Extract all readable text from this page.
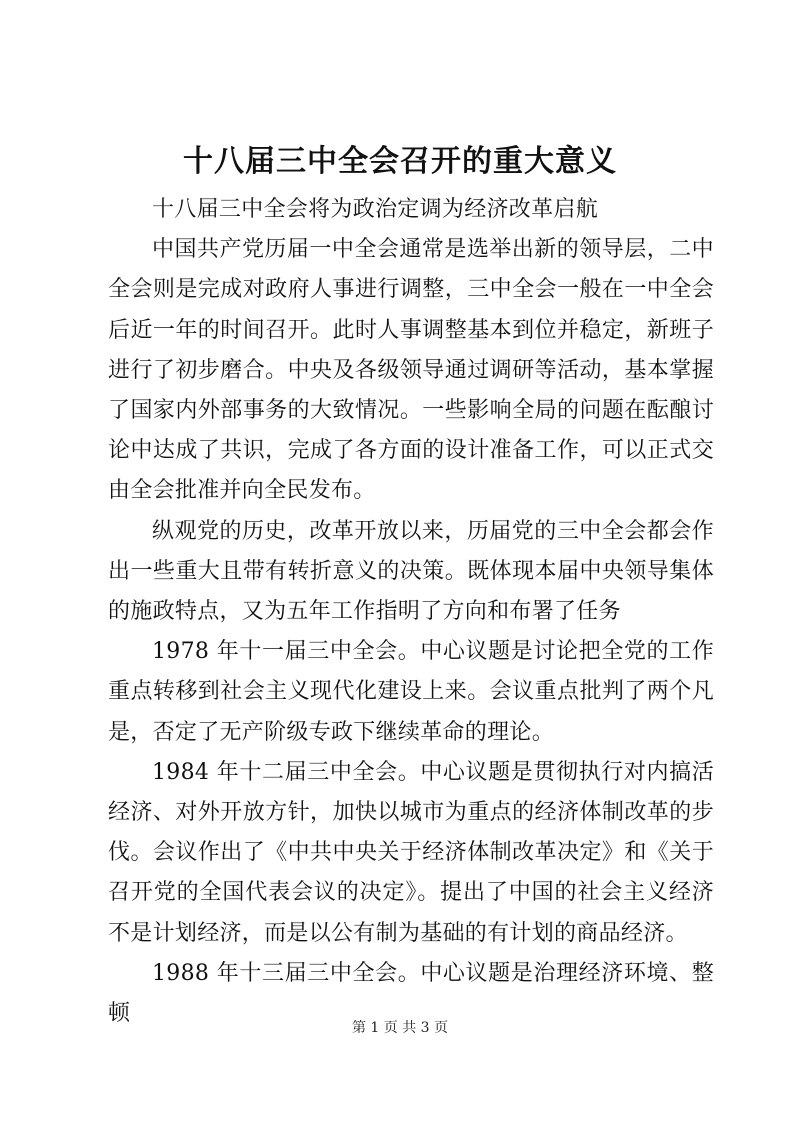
十八届三中全会召开的重大意义

十八届三中全会将为政治定调为经济改革启航

中国共产党历届一中全会通常是选举出新的领导层，二中全会则是完成对政府人事进行调整，三中全会一般在一中全会后近一年的时间召开。此时人事调整基本到位并稳定，新班子进行了初步磨合。中央及各级领导通过调研等活动，基本掌握了国家内外部事务的大致情况。一些影响全局的问题在酝酿讨论中达成了共识，完成了各方面的设计准备工作，可以正式交由全会批准并向全民发布。

纵观党的历史，改革开放以来，历届党的三中全会都会作出一些重大且带有转折意义的决策。既体现本届中央领导集体的施政特点，又为五年工作指明了方向和布署了任务

1978 年十一届三中全会。中心议题是讨论把全党的工作重点转移到社会主义现代化建设上来。会议重点批判了两个凡是，否定了无产阶级专政下继续革命的理论。

1984 年十二届三中全会。中心议题是贯彻执行对内搞活经济、对外开放方针，加快以城市为重点的经济体制改革的步伐。会议作出了《中共中央关于经济体制改革决定》和《关于召开党的全国代表会议的决定》。提出了中国的社会主义经济不是计划经济，而是以公有制为基础的有计划的商品经济。

1988 年十三届三中全会。中心议题是治理经济环境、整顿

第 1 页 共 3 页
